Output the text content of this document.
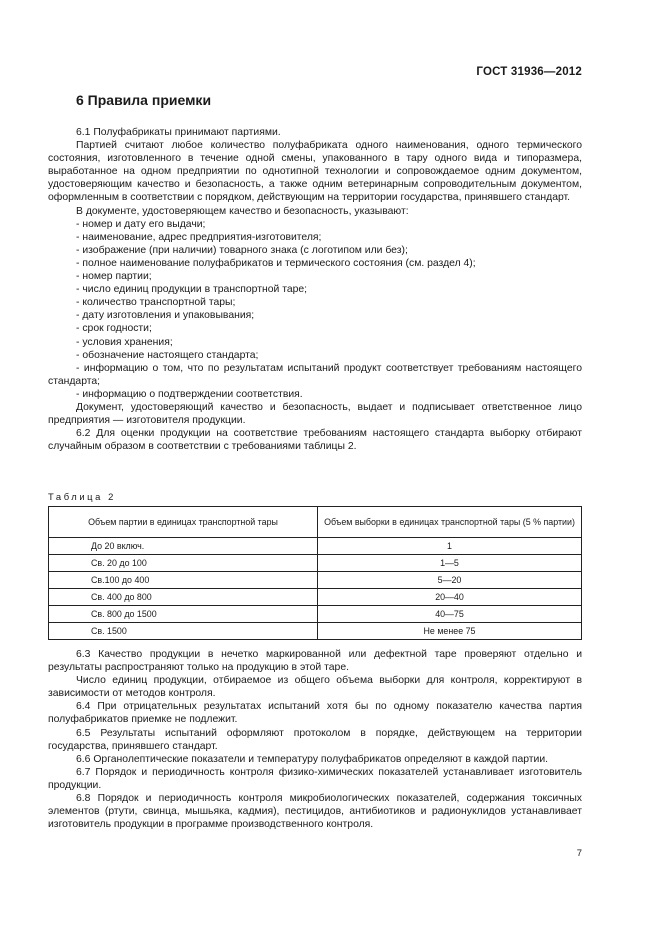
ГОСТ 31936—2012
6 Правила приемки

6.1 Полуфабрикаты принимают партиями.

Партией считают любое количество полуфабриката одного наименования, одного термического состояния, изготовленного в течение одной смены, упакованного в тару одного вида и типоразмера, выработанное на одном предприятии по однотипной технологии и сопровождаемое одним документом, удостоверяющим качество и безопасность, а также одним ветеринарным сопроводительным документом, оформленным в соответствии с порядком, действующим на территории государства, принявшего стандарт.

В документе, удостоверяющем качество и безопасность, указывают:

- номер и дату его выдачи;

- наименование, адрес предприятия-изготовителя;

- изображение (при наличии) товарного знака (с логотипом или без);

- полное наименование полуфабрикатов и термического состояния (см. раздел 4);

- номер партии;

- число единиц продукции в транспортной таре;

- количество транспортной тары;

- дату изготовления и упаковывания;

- срок годности;

- условия хранения;

- обозначение настоящего стандарта;

- информацию о том, что по результатам испытаний продукт соответствует требованиям настоящего стандарта;

- информацию о подтверждении соответствия.

Документ, удостоверяющий качество и безопасность, выдает и подписывает ответственное лицо предприятия — изготовителя продукции.

6.2 Для оценки продукции на соответствие требованиям настоящего стандарта выборку отбирают случайным образом в соответствии с требованиями таблицы 2.

Таблица 2
Объем партии в единицах транспортной тары	Объем выборки в единицах транспортной тары (5 % партии)
До 20 включ.	1
Св. 20 до 100	1—5
Св.100 до 400	5—20
Св. 400 до 800	20—40
Св. 800 до 1500	40—75
Св. 1500	Не менее 75

6.3 Качество продукции в нечетко маркированной или дефектной таре проверяют отдельно и результаты распространяют только на продукцию в этой таре.

Число единиц продукции, отбираемое из общего объема выборки для контроля, корректируют в зависимости от методов контроля.

6.4 При отрицательных результатах испытаний хотя бы по одному показателю качества партия полуфабрикатов приемке не подлежит.

6.5 Результаты испытаний оформляют протоколом в порядке, действующем на территории государства, принявшего стандарт.

6.6 Органолептические показатели и температуру полуфабрикатов определяют в каждой партии.

6.7 Порядок и периодичность контроля физико-химических показателей устанавливает изготовитель продукции.

6.8 Порядок и периодичность контроля микробиологических показателей, содержания токсичных элементов (ртути, свинца, мышьяка, кадмия), пестицидов, антибиотиков и радионуклидов устанавливает изготовитель продукции в программе производственного контроля.

7
